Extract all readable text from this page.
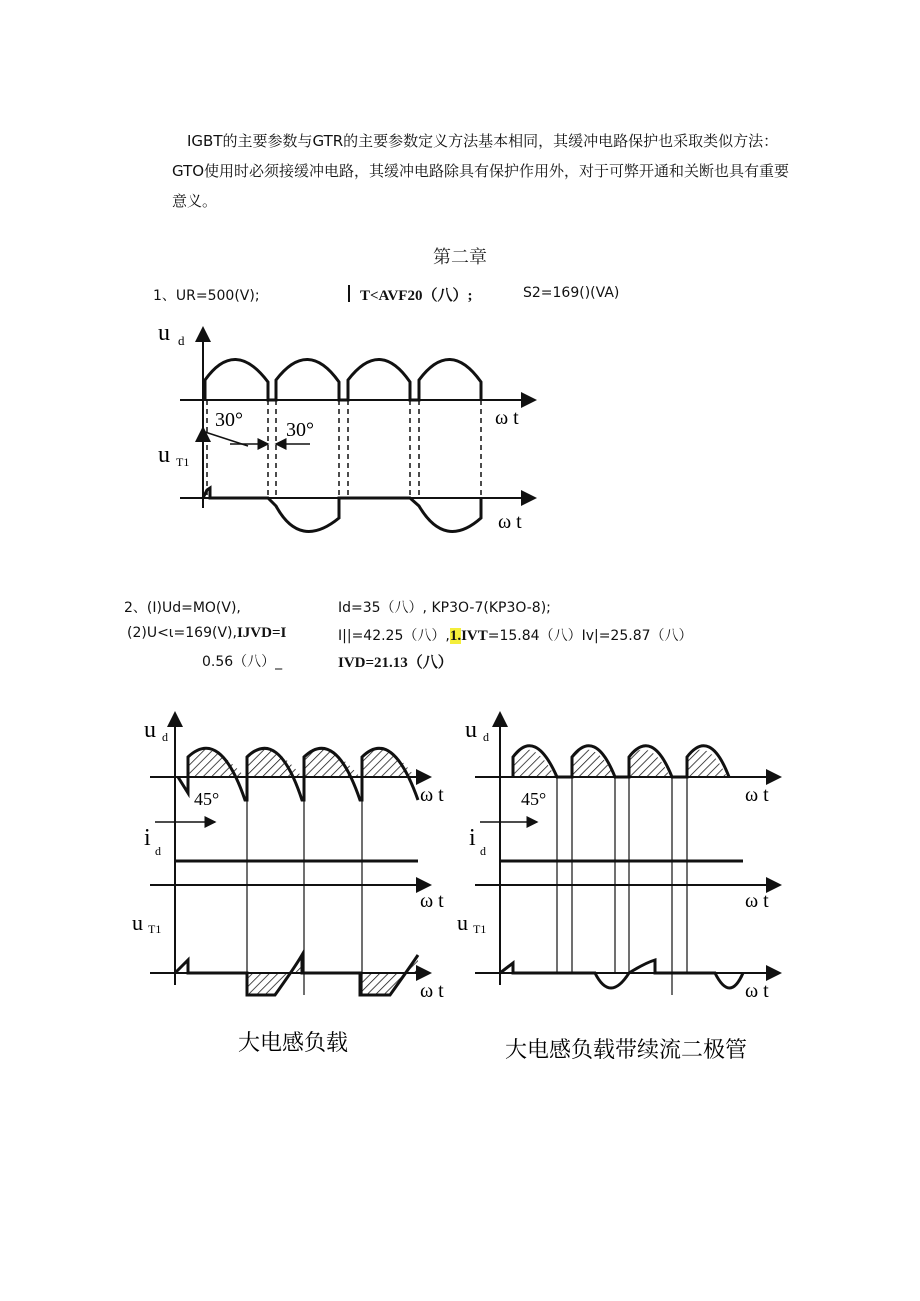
IGBT的主要参数与GTR的主要参数定义方法基本相同，其缓冲电路保护也采取类似方法：GTO使用时必须接缓冲电路，其缓冲电路除具有保护作用外，对于可弊开通和关断也具有重要意义。
第二章
1、UR=500(V);	T<AVF20（八）;	S2=169()(VA)
u d
ω t
30° 30°
u T1
ω t
2、(I)Ud=MO(V),	Id=35（八）, KP3O-7(KP3O-8);
(2)U<ι=169(V),IJVD=I	I||=42.25（八）,1.IVT=15.84（八）Iv|=25.87（八）
0.56（八）_	IVD=21.13（八）
u d
ω t
45°
i d
ω t
u T1
ω t
大电感负载
u d
ω t
45°
i d
ω t
u T1
ω t
大电感负载带续流二极管
